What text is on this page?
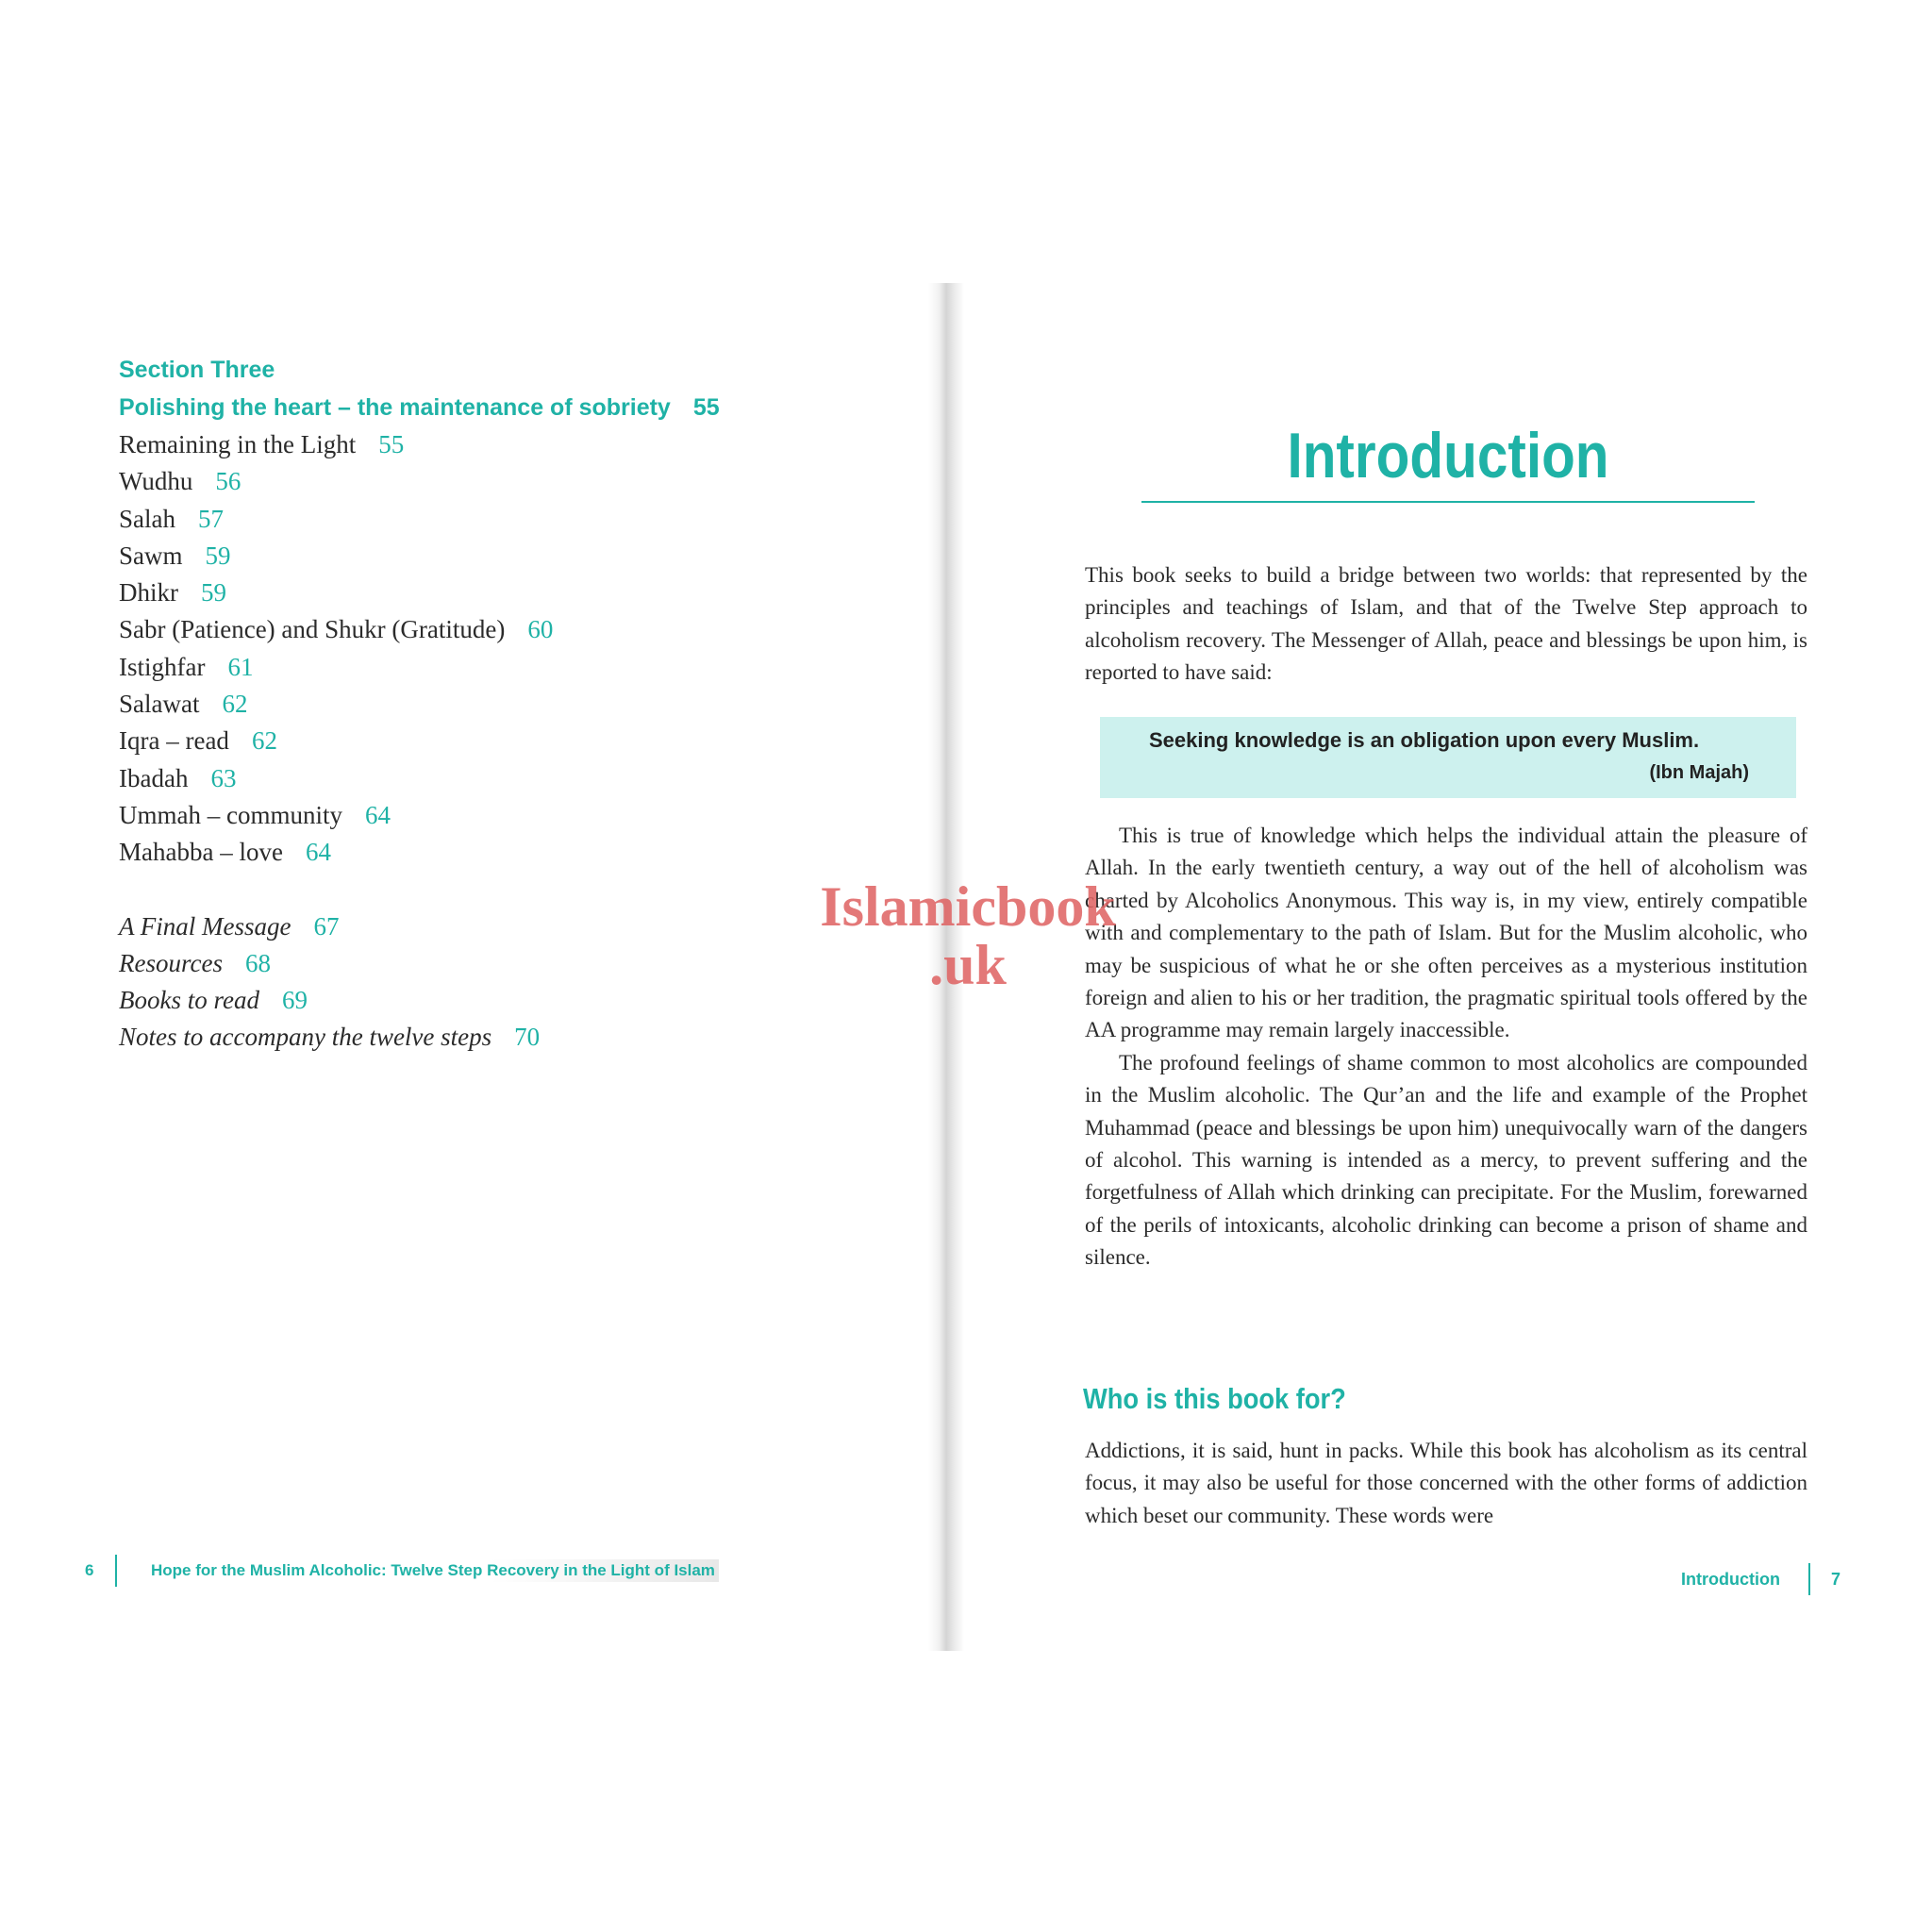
Section Three
Polishing the heart – the maintenance of sobriety 55
Remaining in the Light 55
Wudhu 56
Salah 57
Sawm 59
Dhikr 59
Sabr (Patience) and Shukr (Gratitude) 60
Istighfar 61
Salawat 62
Iqra – read 62
Ibadah 63
Ummah – community 64
Mahabba – love 64
A Final Message 67
Resources 68
Books to read 69
Notes to accompany the twelve steps 70
6	Hope for the Muslim Alcoholic: Twelve Step Recovery in the Light of Islam
Islamicbook
.uk
Introduction

This book seeks to build a bridge between two worlds: that represented by the principles and teachings of Islam, and that of the Twelve Step approach to alcoholism recovery. The Messenger of Allah, peace and blessings be upon him, is reported to have said:

Seeking knowledge is an obligation upon every Muslim.
(Ibn Majah)

This is true of knowledge which helps the individual attain the pleasure of Allah. In the early twentieth century, a way out of the hell of alcoholism was charted by Alcoholics Anonymous. This way is, in my view, entirely compatible with and complementary to the path of Islam. But for the Muslim alcoholic, who may be suspicious of what he or she often perceives as a mysterious institution foreign and alien to his or her tradition, the pragmatic spiritual tools offered by the AA programme may remain largely inaccessible.

The profound feelings of shame common to most alcoholics are compounded in the Muslim alcoholic. The Qur’an and the life and example of the Prophet Muhammad (peace and blessings be upon him) unequivocally warn of the dangers of alcohol. This warning is intended as a mercy, to prevent suffering and the forgetfulness of Allah which drinking can precipitate. For the Muslim, forewarned of the perils of intoxicants, alcoholic drinking can become a prison of shame and silence.

Who is this book for?

Addictions, it is said, hunt in packs. While this book has alcoholism as its central focus, it may also be useful for those concerned with the other forms of addiction which beset our community. These words were

Introduction	7
